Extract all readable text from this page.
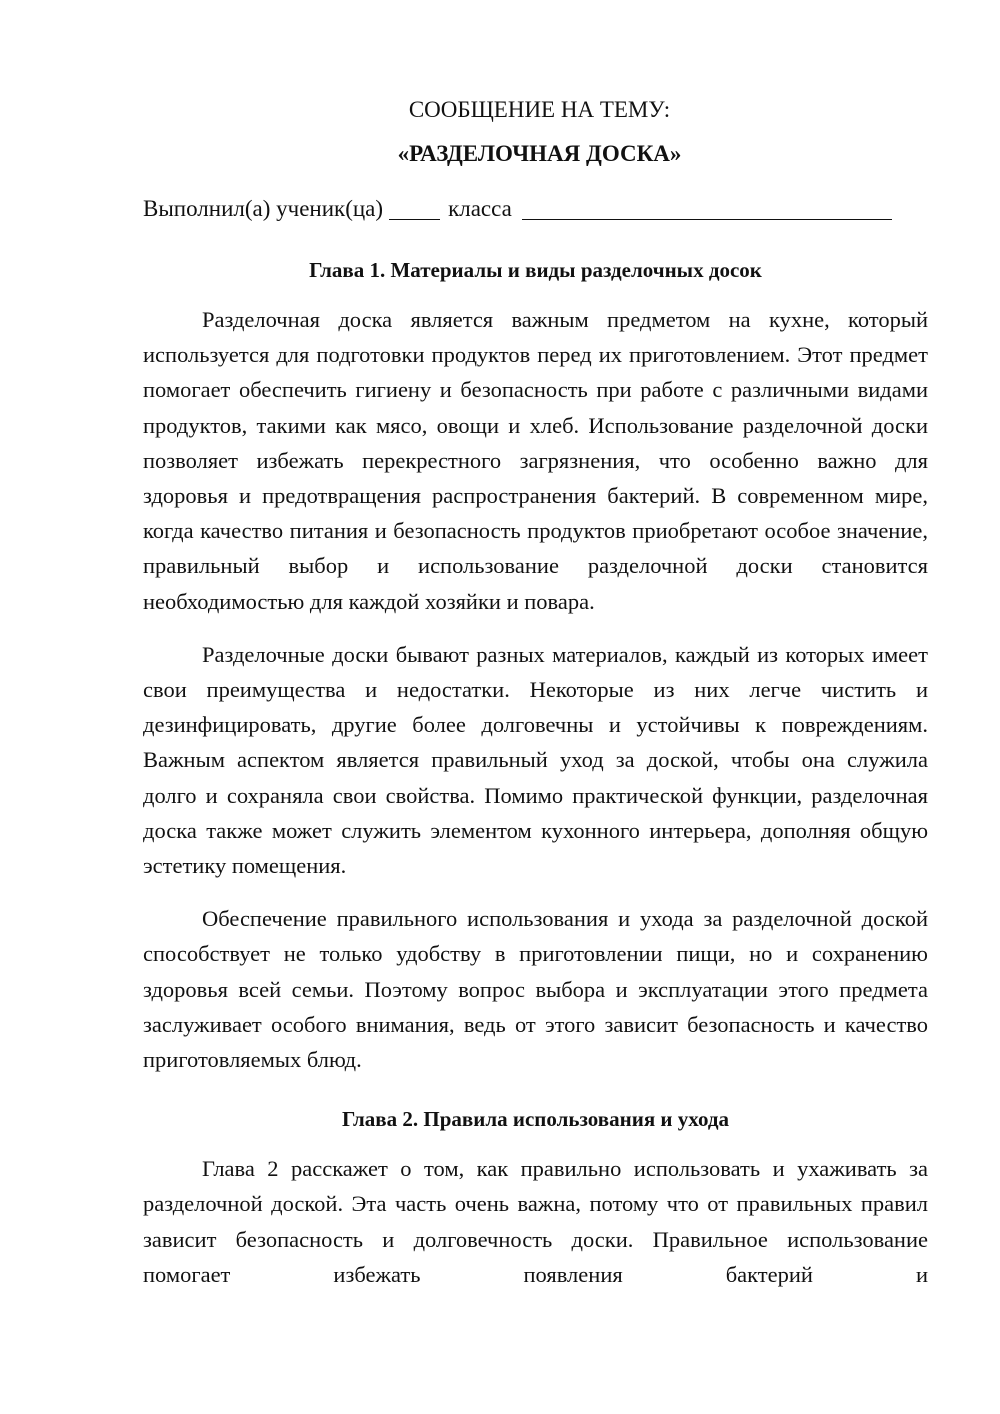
СООБЩЕНИЕ НА ТЕМУ:

«РАЗДЕЛОЧНАЯ ДОСКА»

Выполнил(а) ученик(ца)	класса
Глава 1. Материалы и виды разделочных досок

Разделочная доска является важным предметом на кухне, который используется для подготовки продуктов перед их приготовлением. Этот предмет помогает обеспечить гигиену и безопасность при работе с различными видами продуктов, такими как мясо, овощи и хлеб. Использование разделочной доски позволяет избежать перекрестного загрязнения, что особенно важно для здоровья и предотвращения распространения бактерий. В современном мире, когда качество питания и безопасность продуктов приобретают особое значение, правильный выбор и использование разделочной доски становится необходимостью для каждой хозяйки и повара.

Разделочные доски бывают разных материалов, каждый из которых имеет свои преимущества и недостатки. Некоторые из них легче чистить и дезинфицировать, другие более долговечны и устойчивы к повреждениям. Важным аспектом является правильный уход за доской, чтобы она служила долго и сохраняла свои свойства. Помимо практической функции, разделочная доска также может служить элементом кухонного интерьера, дополняя общую эстетику помещения.

Обеспечение правильного использования и ухода за разделочной доской способствует не только удобству в приготовлении пищи, но и сохранению здоровья всей семьи. Поэтому вопрос выбора и эксплуатации этого предмета заслуживает особого внимания, ведь от этого зависит безопасность и качество приготовляемых блюд.

Глава 2. Правила использования и ухода

Глава 2 расскажет о том, как правильно использовать и ухаживать за разделочной доской. Эта часть очень важна, потому что от правильных правил зависит безопасность и долговечность доски. Правильное использование помогает избежать появления бактерий и
